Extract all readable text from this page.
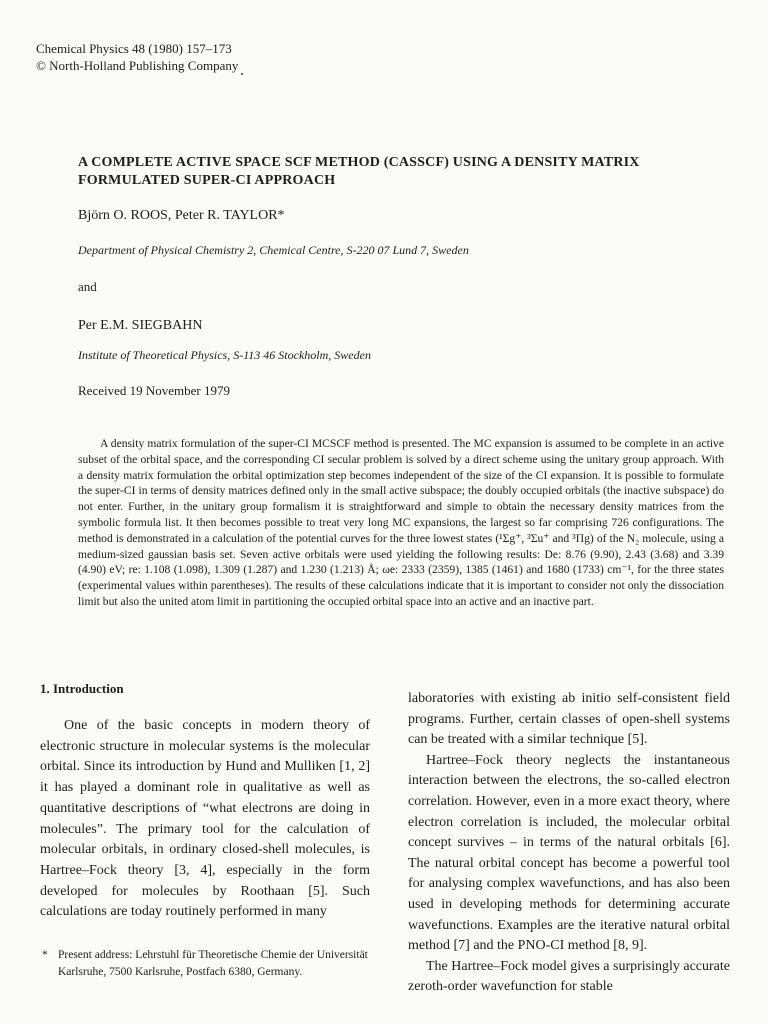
Chemical Physics 48 (1980) 157–173
© North-Holland Publishing Company
A COMPLETE ACTIVE SPACE SCF METHOD (CASSCF) USING A DENSITY MATRIX FORMULATED SUPER-CI APPROACH
Björn O. ROOS, Peter R. TAYLOR*
Department of Physical Chemistry 2, Chemical Centre, S-220 07 Lund 7, Sweden
and
Per E.M. SIEGBAHN
Institute of Theoretical Physics, S-113 46 Stockholm, Sweden
Received 19 November 1979

A density matrix formulation of the super-CI MCSCF method is presented. The MC expansion is assumed to be complete in an active subset of the orbital space, and the corresponding CI secular problem is solved by a direct scheme using the unitary group approach. With a density matrix formulation the orbital optimization step becomes independent of the size of the CI expansion. It is possible to formulate the super-CI in terms of density matrices defined only in the small active subspace; the doubly occupied orbitals (the inactive subspace) do not enter. Further, in the unitary group formalism it is straightforward and simple to obtain the necessary density matrices from the symbolic formula list. It then becomes possible to treat very long MC expansions, the largest so far comprising 726 configurations. The method is demonstrated in a calculation of the potential curves for the three lowest states (¹Σg⁺, ³Σu⁺ and ³Πg) of the N₂ molecule, using a medium-sized gaussian basis set. Seven active orbitals were used yielding the following results: De: 8.76 (9.90), 2.43 (3.68) and 3.39 (4.90) eV; re: 1.108 (1.098), 1.309 (1.287) and 1.230 (1.213) Å; ωe: 2333 (2359), 1385 (1461) and 1680 (1733) cm⁻¹, for the three states (experimental values within parentheses). The results of these calculations indicate that it is important to consider not only the dissociation limit but also the united atom limit in partitioning the occupied orbital space into an active and an inactive part.

1. Introduction

One of the basic concepts in modern theory of electronic structure in molecular systems is the molecular orbital. Since its introduction by Hund and Mulliken [1, 2] it has played a dominant role in qualitative as well as quantitative descriptions of “what electrons are doing in molecules”. The primary tool for the calculation of molecular orbitals, in ordinary closed-shell molecules, is Hartree–Fock theory [3, 4], especially in the form developed for molecules by Roothaan [5]. Such calculations are today routinely performed in many

laboratories with existing ab initio self-consistent field programs. Further, certain classes of open-shell systems can be treated with a similar technique [5].

Hartree–Fock theory neglects the instantaneous interaction between the electrons, the so-called electron correlation. However, even in a more exact theory, where electron correlation is included, the molecular orbital concept survives – in terms of the natural orbitals [6]. The natural orbital concept has become a powerful tool for analysing complex wavefunctions, and has also been used in developing methods for determining accurate wavefunctions. Examples are the iterative natural orbital method [7] and the PNO-CI method [8, 9].

The Hartree–Fock model gives a surprisingly accurate zeroth-order wavefunction for stable

* Present address: Lehrstuhl für Theoretische Chemie der Universität Karlsruhe, 7500 Karlsruhe, Postfach 6380, Germany.
